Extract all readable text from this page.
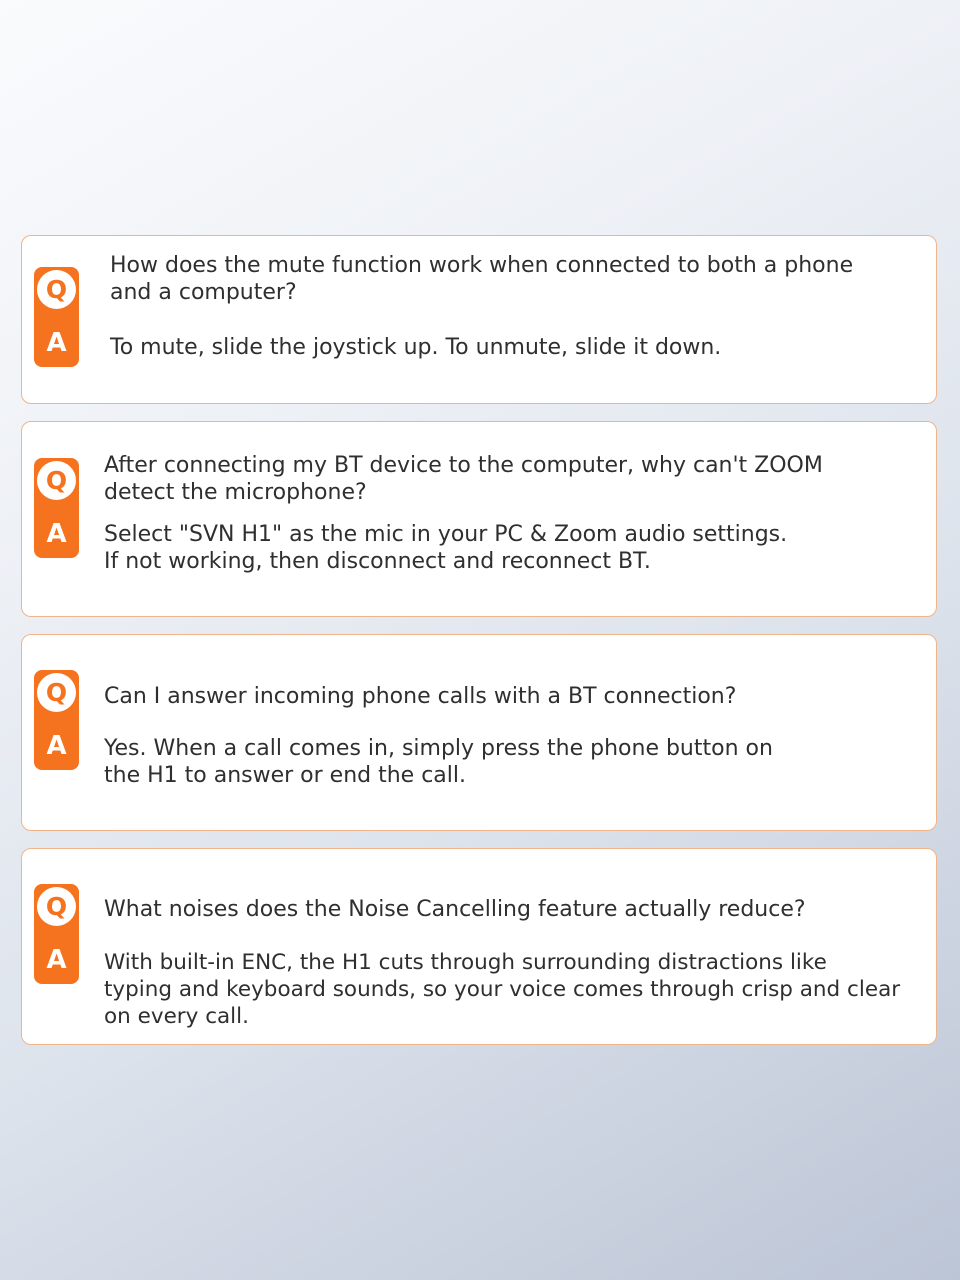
Q
A

How does the mute function work when connected to both a phone
and a computer?

To mute, slide the joystick up. To unmute, slide it down.

Q
A

After connecting my BT device to the computer, why can't ZOOM
detect the microphone?

Select "SVN H1" as the mic in your PC & Zoom audio settings.
If not working, then disconnect and reconnect BT.

Q
A

Can I answer incoming phone calls with a BT connection?

Yes. When a call comes in, simply press the phone button on
the H1 to answer or end the call.

Q
A

What noises does the Noise Cancelling feature actually reduce?

With built-in ENC, the H1 cuts through surrounding distractions like
typing and keyboard sounds, so your voice comes through crisp and clear
on every call.
